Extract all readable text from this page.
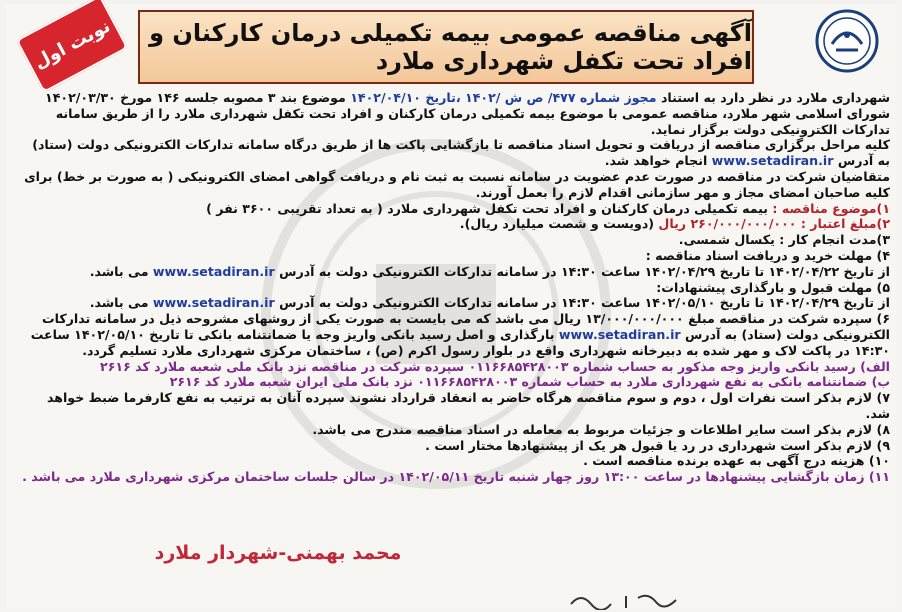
آگهی مناقصه عمومی بیمه تکمیلی درمان کارکنان و افراد تحت تکفل شهرداری ملارد
نوبت اول

شهرداری ملارد در نظر دارد به استناد مجوز شماره ۴۷۷/ ص ش /۱۴۰۲ ،تاریخ ۱۴۰۲/۰۴/۱۰ موضوع بند ۳ مصوبه جلسه ۱۴۶ مورخ ۱۴۰۲/۰۳/۳۰ شورای اسلامی شهر ملارد، مناقصه عمومی با موضوع بیمه تکمیلی درمان کارکنان و افراد تحت تکفل شهرداری ملارد را از طریق سامانه تدارکات الکترونیکی دولت برگزار نماید.

کلیه مراحل برگزاری مناقصه از دریافت و تحویل اسناد مناقصه تا بازگشایی پاکت ها از طریق درگاه سامانه تدارکات الکترونیکی دولت (ستاد) به آدرس www.setadiran.ir انجام خواهد شد.

متقاضیان شرکت در مناقصه در صورت عدم عضویت در سامانه نسبت به ثبت نام و دریافت گواهی امضای الکترونیکی ( به صورت بر خط) برای کلیه صاحبان امضای مجاز و مهر سازمانی اقدام لازم را بعمل آورند.

۱)موضوع مناقصه : بیمه تکمیلی درمان کارکنان و افراد تحت تکفل شهرداری ملارد ( به تعداد تقریبی ۳۶۰۰ نفر )

۲)مبلغ اعتبار : ۲۶۰/۰۰۰/۰۰۰/۰۰۰ ریال (دویست و شصت میلیارد ریال).

۳)مدت انجام کار : یکسال شمسی.

۴) مهلت خرید و دریافت اسناد مناقصه :

از تاریخ ۱۴۰۲/۰۴/۲۲ تا تاریخ ۱۴۰۲/۰۴/۲۹ ساعت ۱۴:۳۰ در سامانه تدارکات الکترونیکی دولت به آدرس www.setadiran.ir می باشد.

۵) مهلت قبول و بارگذاری پیشنهادات:

از تاریخ ۱۴۰۲/۰۴/۲۹ تا تاریخ ۱۴۰۲/۰۵/۱۰ ساعت ۱۴:۳۰ در سامانه تدارکات الکترونیکی دولت به آدرس www.setadiran.ir می باشد.

۶) سپرده شرکت در مناقصه مبلغ ۱۳/۰۰۰/۰۰۰/۰۰۰ ریال می باشد که می بایست به صورت یکی از روشهای مشروحه ذیل در سامانه تدارکات الکترونیکی دولت (ستاد) به آدرس www.setadiran.ir بارگذاری و اصل رسید بانکی واریز وجه یا ضمانتنامه بانکی تا تاریخ ۱۴۰۲/۰۵/۱۰ ساعت ۱۴:۳۰ در پاکت لاک و مهر شده به دبیرخانه شهرداری واقع در بلوار رسول اکرم (ص) ، ساختمان مرکزی شهرداری ملارد تسلیم گردد.

الف) رسید بانکی واریز وجه مذکور به حساب شماره ۰۱۱۶۶۸۵۴۲۸۰۰۳ سپرده شرکت در مناقصه نزد بانک ملی شعبه ملارد کد ۲۶۱۶

ب) ضمانتنامه بانکی به نفع شهرداری ملارد به حساب شماره ۰۱۱۶۶۸۵۴۲۸۰۰۳ نزد بانک ملی ایران شعبه ملارد کد ۲۶۱۶

۷) لازم بذکر است نفرات اول ، دوم و سوم مناقصه هرگاه حاضر به انعقاد قرارداد نشوند سپرده آنان به ترتیب به نفع کارفرما ضبط خواهد شد.

۸) لازم بذکر است سایر اطلاعات و جزئیات مربوط به معامله در اسناد مناقصه مندرج می باشد.

۹) لازم بذکر است شهرداری در رد یا قبول هر یک از پیشنهادها مختار است .

۱۰) هزینه درج آگهی به عهده برنده مناقصه است .

۱۱) زمان بازگشایی پیشنهادها در ساعت ۱۳:۰۰ روز چهار شنبه تاریخ ۱۴۰۲/۰۵/۱۱ در سالن جلسات ساختمان مرکزی شهرداری ملارد می باشد .

محمد بهمنی-شهردار ملارد
